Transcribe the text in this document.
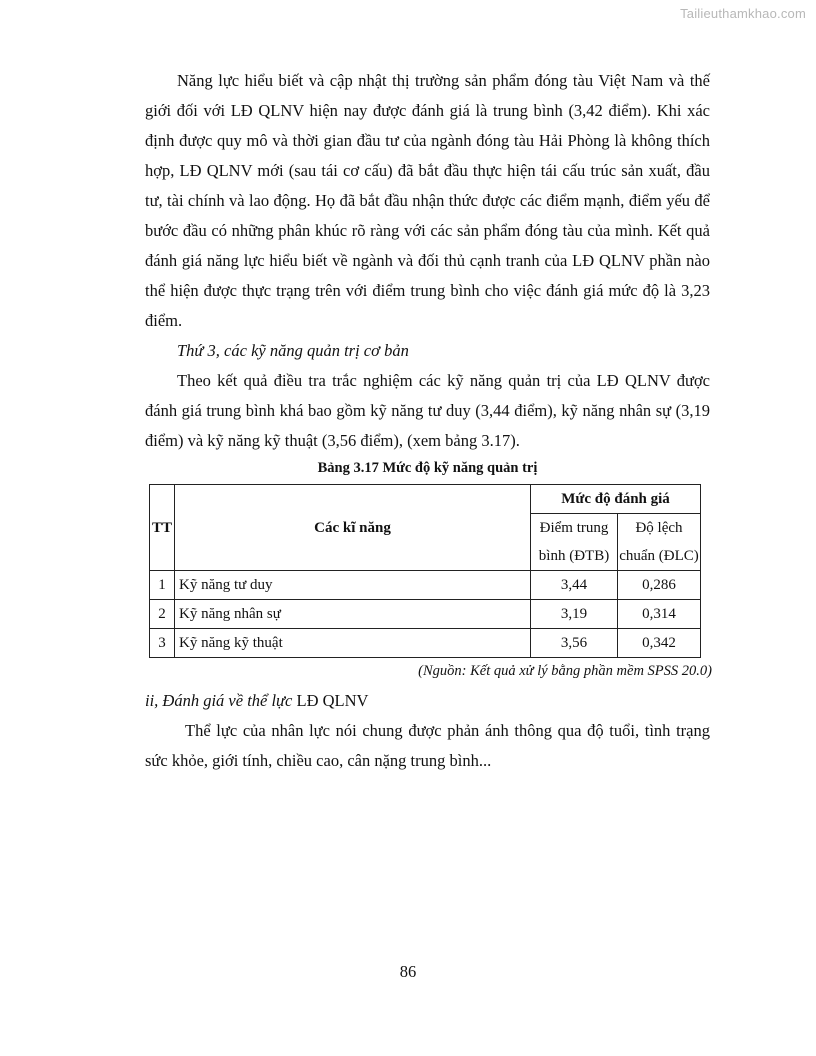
Tailieuthamkhao.com

Năng lực hiểu biết và cập nhật thị trường sản phẩm đóng tàu Việt Nam và thế giới đối với LĐ QLNV hiện nay được đánh giá là trung bình (3,42 điểm). Khi xác định được quy mô và thời gian đầu tư của ngành đóng tàu Hải Phòng là không thích hợp, LĐ QLNV mới (sau tái cơ cấu) đã bắt đầu thực hiện tái cấu trúc sản xuất, đầu tư, tài chính và lao động. Họ đã bắt đầu nhận thức được các điểm mạnh, điểm yếu để bước đầu có những phân khúc rõ ràng với các sản phẩm đóng tàu của mình. Kết quả đánh giá năng lực hiểu biết về ngành và đối thủ cạnh tranh của LĐ QLNV phần nào thể hiện được thực trạng trên với điểm trung bình cho việc đánh giá mức độ là 3,23 điểm.

Thứ 3, các kỹ năng quản trị cơ bản

Theo kết quả điều tra trắc nghiệm các kỹ năng quản trị của LĐ QLNV được đánh giá trung bình khá bao gồm kỹ năng tư duy (3,44 điểm), kỹ năng nhân sự (3,19 điểm) và kỹ năng kỹ thuật (3,56 điểm), (xem bảng 3.17).

Bảng 3.17 Mức độ kỹ năng quản trị
TT	Các kĩ năng	Mức độ đánh giá	
		Điểm trung bình (ĐTB)	Độ lệch chuẩn (ĐLC)
1	Kỹ năng tư duy	3,44	0,286
2	Kỹ năng nhân sự	3,19	0,314
3	Kỹ năng kỹ thuật	3,56	0,342
(Nguồn: Kết quả xử lý bằng phần mềm SPSS 20.0)

ii, Đánh giá về thể lực LĐ QLNV

Thể lực của nhân lực nói chung được phản ánh thông qua độ tuổi, tình trạng sức khỏe, giới tính, chiều cao, cân nặng trung bình...

86
